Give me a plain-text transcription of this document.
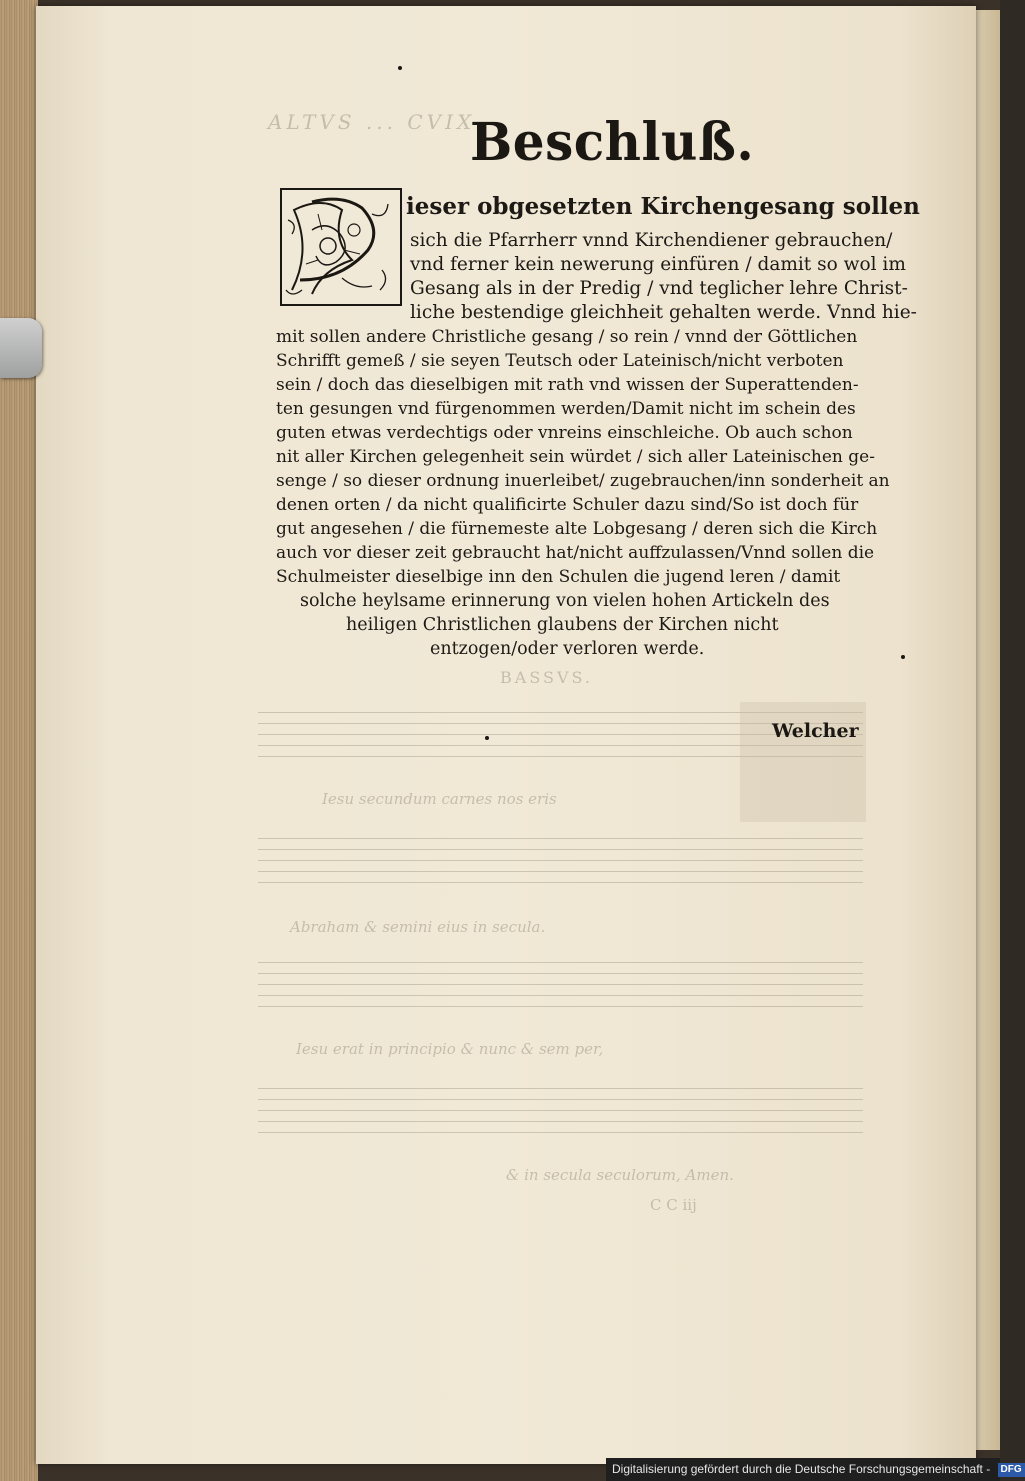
ALTVS ... CVIX
BASSVS.
Iesu secundum carnes nos eris
Abraham & semini eius in secula.
Iesu erat in principio & nunc & sem per,
& in secula seculorum, Amen.
C C iij
Beschluß.
ieser obgesetzten Kirchengesang sollen
sich die Pfarrherr vnnd Kirchendiener gebrauchen/
vnd ferner kein newerung einfüren / damit so wol im
Gesang als in der Predig / vnd teglicher lehre Christ-
liche bestendige gleichheit gehalten werde. Vnnd hie-
mit sollen andere Christliche gesang / so rein / vnnd der Göttlichen
Schrifft gemeß / sie seyen Teutsch oder Lateinisch/nicht verboten
sein / doch das dieselbigen mit rath vnd wissen der Superattenden-
ten gesungen vnd fürgenommen werden/Damit nicht im schein des
guten etwas verdechtigs oder vnreins einschleiche. Ob auch schon
nit aller Kirchen gelegenheit sein würdet / sich aller Lateinischen ge-
senge / so dieser ordnung inuerleibet/ zugebrauchen/inn sonderheit an
denen orten / da nicht qualificirte Schuler dazu sind/So ist doch für
gut angesehen / die fürnemeste alte Lobgesang / deren sich die Kirch
auch vor dieser zeit gebraucht hat/nicht auffzulassen/Vnnd sollen die
Schulmeister dieselbige inn den Schulen die jugend leren / damit
solche heylsame erinnerung von vielen hohen Artickeln des
heiligen Christlichen glaubens der Kirchen nicht
entzogen/oder verloren werde.
Welcher
Digitalisierung gefördert durch die Deutsche Forschungsgemeinschaft - DFG
